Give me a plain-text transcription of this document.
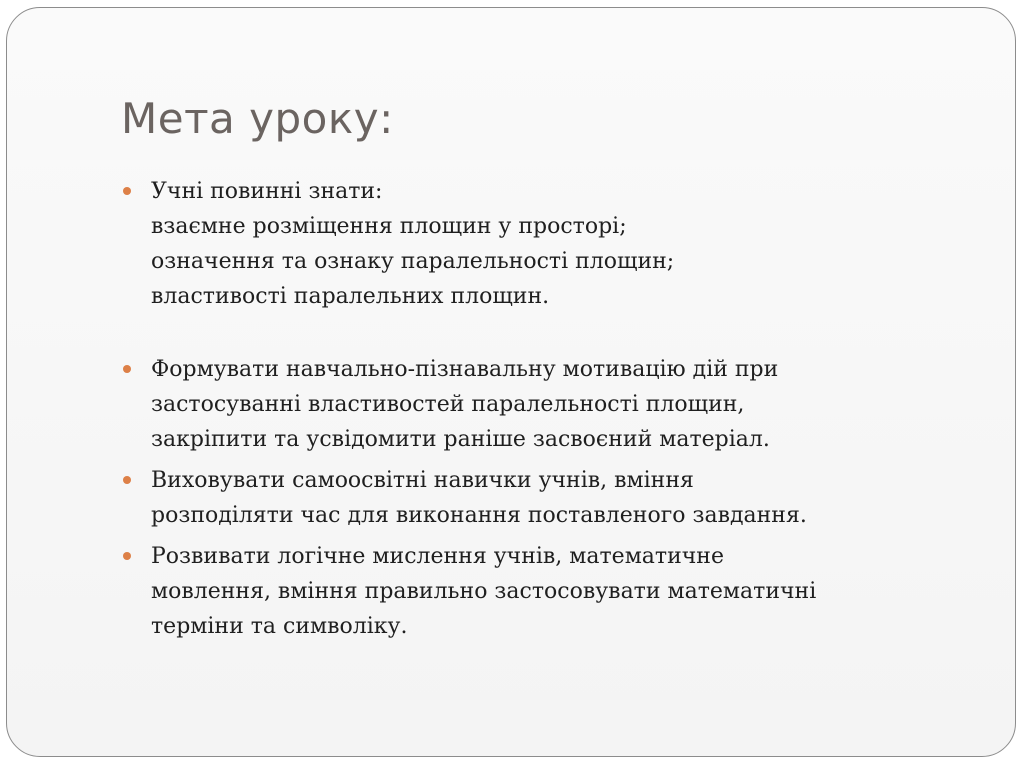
Мета уроку:
Учні повинні знати:
взаємне розміщення площин у просторі;
означення та ознаку паралельності площин;
властивості паралельних площин.
Формувати навчально-пізнавальну мотивацію дій при
застосуванні властивостей паралельності площин,
закріпити та усвідомити раніше засвоєний матеріал.
Виховувати самоосвітні навички учнів, вміння
розподіляти час для виконання поставленого завдання.
Розвивати логічне мислення учнів, математичне
мовлення, вміння правильно застосовувати математичні
терміни та символіку.
